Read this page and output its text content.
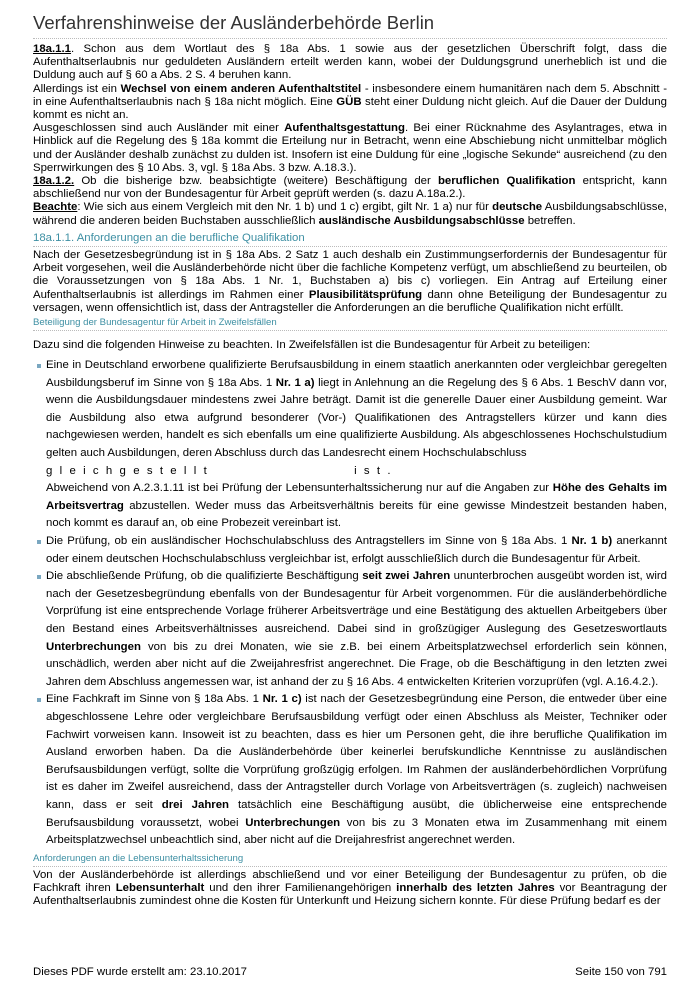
Verfahrenshinweise der Ausländerbehörde Berlin
18a.1.1. Schon aus dem Wortlaut des § 18a Abs. 1 sowie aus der gesetzlichen Überschrift folgt, dass die Aufenthaltserlaubnis nur geduldeten Ausländern erteilt werden kann, wobei der Duldungsgrund unerheblich ist und die Duldung auch auf § 60 a Abs. 2 S. 4 beruhen kann.
Allerdings ist ein Wechsel von einem anderen Aufenthaltstitel - insbesondere einem humanitären nach dem 5. Abschnitt - in eine Aufenthaltserlaubnis nach § 18a nicht möglich. Eine GÜB steht einer Duldung nicht gleich. Auf die Dauer der Duldung kommt es nicht an.
Ausgeschlossen sind auch Ausländer mit einer Aufenthaltsgestattung. Bei einer Rücknahme des Asylantrages, etwa in Hinblick auf die Regelung des § 18a kommt die Erteilung nur in Betracht, wenn eine Abschiebung nicht unmittelbar möglich und der Ausländer deshalb zunächst zu dulden ist. Insofern ist eine Duldung für eine „logische Sekunde“ ausreichend (zu den Sperrwirkungen des § 10 Abs. 3, vgl. § 18a Abs. 3 bzw. A.18.3.).
18a.1.2. Ob die bisherige bzw. beabsichtigte (weitere) Beschäftigung der beruflichen Qualifikation entspricht, kann abschließend nur von der Bundesagentur für Arbeit geprüft werden (s. dazu A.18a.2.).
Beachte: Wie sich aus einem Vergleich mit den Nr. 1 b) und 1 c) ergibt, gilt Nr. 1 a) nur für deutsche Ausbildungsabschlüsse, während die anderen beiden Buchstaben ausschließlich ausländische Ausbildungsabschlüsse betreffen.
18a.1.1. Anforderungen an die berufliche Qualifikation
Nach der Gesetzesbegründung ist in § 18a Abs. 2 Satz 1 auch deshalb ein Zustimmungserfordernis der Bundesagentur für Arbeit vorgesehen, weil die Ausländerbehörde nicht über die fachliche Kompetenz verfügt, um abschließend zu beurteilen, ob die Voraussetzungen von § 18a Abs. 1 Nr. 1, Buchstaben a) bis c) vorliegen. Ein Antrag auf Erteilung einer Aufenthaltserlaubnis ist allerdings im Rahmen einer Plausibilitätsprüfung dann ohne Beteiligung der Bundesagentur zu versagen, wenn offensichtlich ist, dass der Antragsteller die Anforderungen an die berufliche Qualifikation nicht erfüllt.
Beteiligung der Bundesagentur für Arbeit in Zweifelsfällen
Dazu sind die folgenden Hinweise zu beachten. In Zweifelsfällen ist die Bundesagentur für Arbeit zu beteiligen:
Eine in Deutschland erworbene qualifizierte Berufsausbildung in einem staatlich anerkannten oder vergleichbar geregelten Ausbildungsberuf im Sinne von § 18a Abs. 1 Nr. 1 a) liegt in Anlehnung an die Regelung des § 6 Abs. 1 BeschV dann vor, wenn die Ausbildungsdauer mindestens zwei Jahre beträgt. Damit ist die generelle Dauer einer Ausbildung gemeint. War die Ausbildung also etwa aufgrund besonderer (Vor-) Qualifikationen des Antragstellers kürzer und kann dies nachgewiesen werden, handelt es sich ebenfalls um eine qualifizierte Ausbildung. Als abgeschlossenes Hochschulstudium gelten auch Ausbildungen, deren Abschluss durch das Landesrecht einem Hochschulabschluss
gleichgestellt	ist.
Abweichend von A.2.3.1.11 ist bei Prüfung der Lebensunterhaltssicherung nur auf die Angaben zur Höhe des Gehalts im Arbeitsvertrag abzustellen. Weder muss das Arbeitsverhältnis bereits für eine gewisse Mindestzeit bestanden haben, noch kommt es darauf an, ob eine Probezeit vereinbart ist.
Die Prüfung, ob ein ausländischer Hochschulabschluss des Antragstellers im Sinne von § 18a Abs. 1 Nr. 1 b) anerkannt oder einem deutschen Hochschulabschluss vergleichbar ist, erfolgt ausschließlich durch die Bundesagentur für Arbeit.
Die abschließende Prüfung, ob die qualifizierte Beschäftigung seit zwei Jahren ununterbrochen ausgeübt worden ist, wird nach der Gesetzesbegründung ebenfalls von der Bundesagentur für Arbeit vorgenommen. Für die ausländerbehördliche Vorprüfung ist eine entsprechende Vorlage früherer Arbeitsverträge und eine Bestätigung des aktuellen Arbeitgebers über den Bestand eines Arbeitsverhältnisses ausreichend. Dabei sind in großzügiger Auslegung des Gesetzeswortlauts Unterbrechungen von bis zu drei Monaten, wie sie z.B. bei einem Arbeitsplatzwechsel erforderlich sein können, unschädlich, werden aber nicht auf die Zweijahresfrist angerechnet. Die Frage, ob die Beschäftigung in den letzten zwei Jahren dem Abschluss angemessen war, ist anhand der zu § 16 Abs. 4 entwickelten Kriterien vorzuprüfen (vgl. A.16.4.2.).
Eine Fachkraft im Sinne von § 18a Abs. 1 Nr. 1 c) ist nach der Gesetzesbegründung eine Person, die entweder über eine abgeschlossene Lehre oder vergleichbare Berufsausbildung verfügt oder einen Abschluss als Meister, Techniker oder Fachwirt vorweisen kann. Insoweit ist zu beachten, dass es hier um Personen geht, die ihre berufliche Qualifikation im Ausland erworben haben. Da die Ausländerbehörde über keinerlei berufskundliche Kenntnisse zu ausländischen Berufsausbildungen verfügt, sollte die Vorprüfung großzügig erfolgen. Im Rahmen der ausländerbehördlichen Vorprüfung ist es daher im Zweifel ausreichend, dass der Antragsteller durch Vorlage von Arbeitsverträgen (s. zugleich) nachweisen kann, dass er seit drei Jahren tatsächlich eine Beschäftigung ausübt, die üblicherweise eine entsprechende Berufsausbildung voraussetzt, wobei Unterbrechungen von bis zu 3 Monaten etwa im Zusammenhang mit einem Arbeitsplatzwechsel unbeachtlich sind, aber nicht auf die Dreijahresfrist angerechnet werden.
Anforderungen an die Lebensunterhaltssicherung
Von der Ausländerbehörde ist allerdings abschließend und vor einer Beteiligung der Bundesagentur zu prüfen, ob die Fachkraft ihren Lebensunterhalt und den ihrer Familienangehörigen innerhalb des letzten Jahres vor Beantragung der Aufenthaltserlaubnis zumindest ohne die Kosten für Unterkunft und Heizung sichern konnte. Für diese Prüfung bedarf es der
Dieses PDF wurde erstellt am: 23.10.2017	Seite 150 von 791
